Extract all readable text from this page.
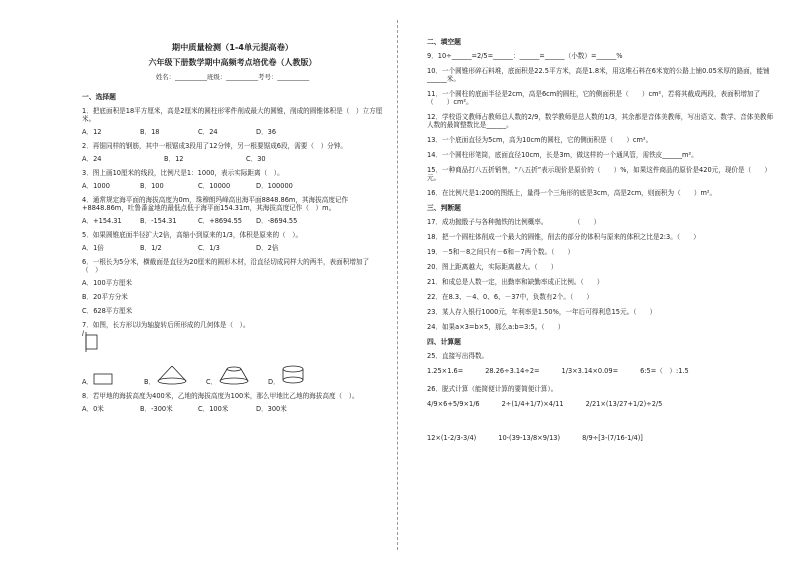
期中质量检测（1-4单元提高卷）
六年级下册数学期中高频考点培优卷（人教版）
姓名：__________班级：__________考号：__________
一、选择题
1．把底面积是18平方厘米，高是2厘米的圆柱形零件削成最大的圆锥，削成的圆锥体积是（　）立方厘米。
A．12	B．18	C．24	D．36
2．再锯同样的钢筋，其中一根锯成3段用了12分钟，另一根要锯成6段，需要（　）分钟。
A．24	B．12	C．30
3．图上画10厘米的线段，比例尺是1：1000，表示实际距离（　）。
A．1000	B．100	C．10000	D．100000
4．通常规定海平面的海拔高度为0m，珠穆朗玛峰高出海平面8848.86m，其海拔高度记作+8848.86m，吐鲁番盆地的最低点低于海平面154.31m，其海拔高度记作（　）m。
A．+154.31	B．-154.31	C．+8694.55	D．-8694.55
5．如果圆锥底面半径扩大2倍，高缩小到原来的1/3，体积是原来的（　）。
A．1倍	B．1/2	C．1/3	D．2倍
6．一根长为5分米，横截面是直径为20厘米的圆形木材，沿直径切成同样大的两半，表面积增加了（　）
A．100平方厘米
B．20平方分米
C．628平方厘米
7．如图，长方形以l为轴旋转后所形成的几何体是（　）。
l
A．	B．	C．	D．
8．若甲地的海拔高度为400米，乙地的海拔高度为100米，那么甲地比乙地的海拔高度（　）。
A．0米	B．-300米	C．100米	D．300米
二、填空题
9．10÷______=2/5=______：______=______（小数）=______%
10．一个圆锥形碎石料堆，底面积是22.5平方米，高是1.8米，用这堆石料在6米宽的公路上铺0.05米厚的路面，能铺______米。
11．一个圆柱的底面半径是2cm，高是6cm的圆柱，它的侧面积是（　　）cm²，若将其截成两段，表面积增加了（　　）cm²。
12．学校语文教师占教师总人数的2/9，数学教师是总人数的1/3，其余都是音体美教师，写出语文、数学、音体美教师人数的最简整数比是______。
13．一个底面直径为5cm，高为10cm的圆柱，它的侧面积是（　　）cm²。
14．一个圆柱形笔筒，底面直径10cm，长是3m，做这样的一个通风管，需铁皮______m²。
15．一种商品打八五折销售，“八五折”表示现价是原价的（　　）%，如果这件商品的原价是420元，现价是（　　）元。
16．在比例尺是1:200的图纸上，量得一个三角形的底是3cm，高是2cm，则面积为（　　）m²。
三、判断题
17．成功抛骰子与各种抛铁的比例概率。　　　　　（　　）
18．把一个圆柱体削成一个最大的圆锥，削去的部分的体积与原来的体积之比是2:3。（　　）
19．－5和－8之间只有－6和－7两个数。（　　）
20．图上距离越大，实际距离越大。（　　）
21．和成总是人数一定，出勤率和缺勤率成正比例。（　　）
22．在8.3、－4、0、6、－37中，负数有2个。（　　）
23．某人存入银行1000元，年利率是1.50%，一年后可得利息15元。（　　）
24．如果a×3=b×5，那么a:b=3:5。（　　）
四、计算题
25．直接写出得数。
1.25×1.6=	28.26÷3.14÷2=	1/3×3.14×0.09=	6:5=（　）:1.5
26．脱式计算（能简便计算的要简便计算）。
4/9×6+5/9×1/6	2÷(1/4+1/7)×4/11	2/21×(13/27+1/2)÷2/5
12×(1-2/3-3/4)	10-(39-13/8×9/13)	8/9÷[3-(7/16-1/4)]
